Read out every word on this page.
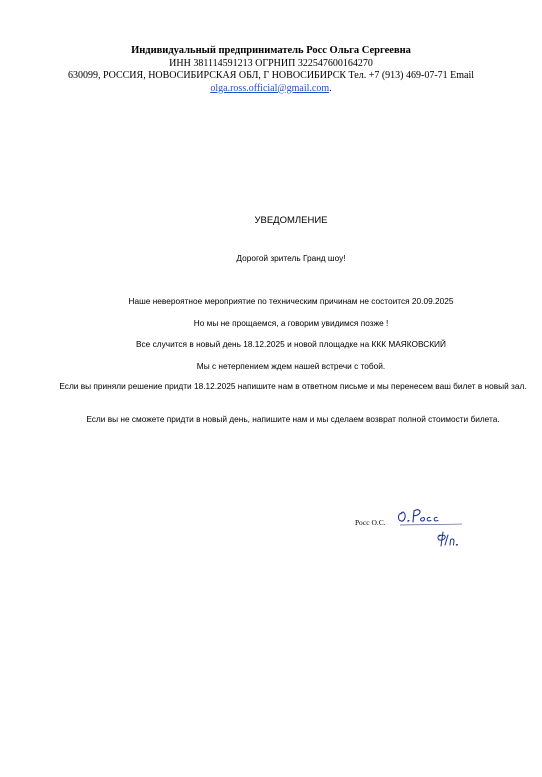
Индивидуальный предприниматель Росс Ольга Сергеевна
ИНН 381114591213 ОГРНИП 322547600164270
630099, РОССИЯ, НОВОСИБИРСКАЯ ОБЛ, Г НОВОСИБИРСК Тел. +7 (913) 469-07-71 Email
olga.ross.official@gmail.com.
УВЕДОМЛЕНИЕ
Дорогой зритель Гранд шоу!
Наше невероятное мероприятие по техническим причинам не состоится 20.09.2025
Но мы не прощаемся, а говорим увидимся позже !
Все случится в новый день 18.12.2025 и новой площадке на ККК МАЯКОВСКИЙ
Мы с нетерпением ждем нашей встречи с тобой.
Если вы приняли решение придти 18.12.2025 напишите нам в ответном письме и мы перенесем ваш билет в новый зал.
Если вы не сможете придти в новый день, напишите нам и мы сделаем возврат полной стоимости билета.
Росс О.С.
